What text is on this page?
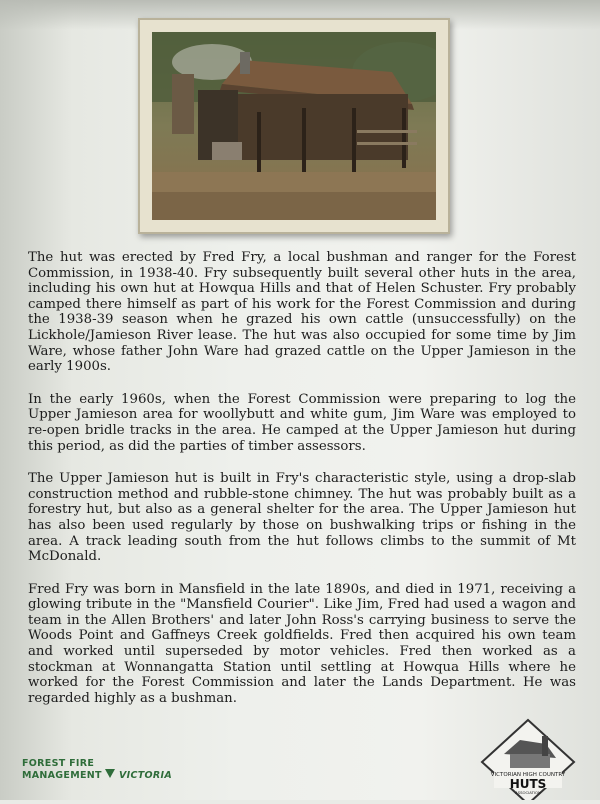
The hut was erected by Fred Fry, a local bushman and ranger for the Forest Commission, in 1938-40. Fry subsequently built several other huts in the area, including his own hut at Howqua Hills and that of Helen Schuster. Fry probably camped there himself as part of his work for the Forest Commission and during the 1938-39 season when he grazed his own cattle (unsuccessfully) on the Lickhole/Jamieson River lease. The hut was also occupied for some time by Jim Ware, whose father John Ware had grazed cattle on the Upper Jamieson in the early 1900s.

In the early 1960s, when the Forest Commission were preparing to log the Upper Jamieson area for woollybutt and white gum, Jim Ware was employed to re-open bridle tracks in the area. He camped at the Upper Jamieson hut during this period, as did the parties of timber assessors.

The Upper Jamieson hut is built in Fry's characteristic style, using a drop-slab construction method and rubble-stone chimney. The hut was probably built as a forestry hut, but also as a general shelter for the area. The Upper Jamieson hut has also been used regularly by those on bushwalking trips or fishing in the area. A track leading south from the hut follows climbs to the summit of Mt McDonald.

Fred Fry was born in Mansfield in the late 1890s, and died in 1971, receiving a glowing tribute in the "Mansfield Courier". Like Jim, Fred had used a wagon and team in the Allen Brothers' and later John Ross's carrying business to serve the Woods Point and Gaffneys Creek goldfields. Fred then acquired his own team and worked until superseded by motor vehicles. Fred then worked as a stockman at Wonnangatta Station until settling at Howqua Hills where he worked for the Forest Commission and later the Lands Department. He was regarded highly as a bushman.

FOREST FIRE
MANAGEMENT VICTORIA	VICTORIAN HIGH COUNTRY
HUTS
ASSOCIATION
